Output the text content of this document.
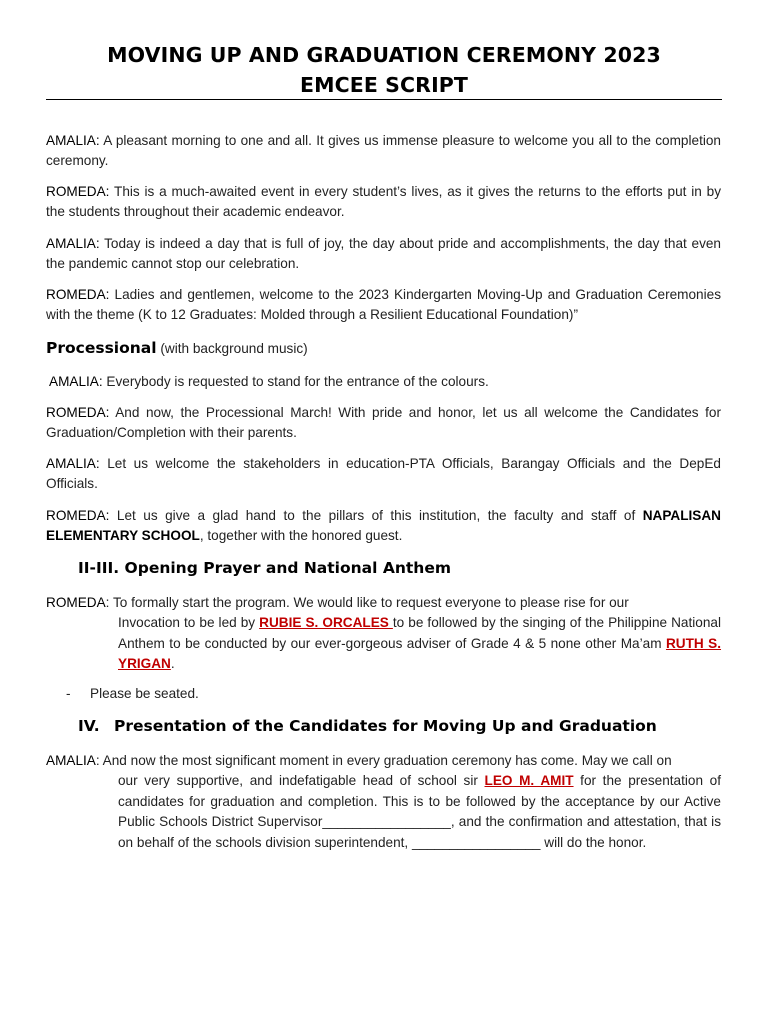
MOVING UP AND GRADUATION CEREMONY 2023
EMCEE SCRIPT
AMALIA: A pleasant morning to one and all. It gives us immense pleasure to welcome you all to the completion ceremony.
ROMEDA: This is a much-awaited event in every student’s lives, as it gives the returns to the efforts put in by the students throughout their academic endeavor.
AMALIA: Today is indeed a day that is full of joy, the day about pride and accomplishments, the day that even the pandemic cannot stop our celebration.
ROMEDA: Ladies and gentlemen, welcome to the 2023 Kindergarten Moving-Up and Graduation Ceremonies with the theme (K to 12 Graduates: Molded through a Resilient Educational Foundation)”
Processional (with background music)
AMALIA: Everybody is requested to stand for the entrance of the colours.
ROMEDA: And now, the Processional March! With pride and honor, let us all welcome the Candidates for Graduation/Completion with their parents.
AMALIA: Let us welcome the stakeholders in education-PTA Officials, Barangay Officials and the DepEd Officials.
ROMEDA: Let us give a glad hand to the pillars of this institution, the faculty and staff of NAPALISAN ELEMENTARY SCHOOL, together with the honored guest.
II-III. Opening Prayer and National Anthem
ROMEDA: To formally start the program. We would like to request everyone to please rise for our
Invocation to be led by RUBIE S. ORCALES to be followed by the singing of the Philippine National Anthem to be conducted by our ever-gorgeous adviser of Grade 4 & 5 none other Ma’am RUTH S. YRIGAN.
- Please be seated.
IV. Presentation of the Candidates for Moving Up and Graduation
AMALIA: And now the most significant moment in every graduation ceremony has come. May we call on
our very supportive, and indefatigable head of school sir LEO M. AMIT for the presentation of candidates for graduation and completion. This is to be followed by the acceptance by our Active Public Schools District Supervisor_________________, and the confirmation and attestation, that is on behalf of the schools division superintendent, _________________ will do the honor.
